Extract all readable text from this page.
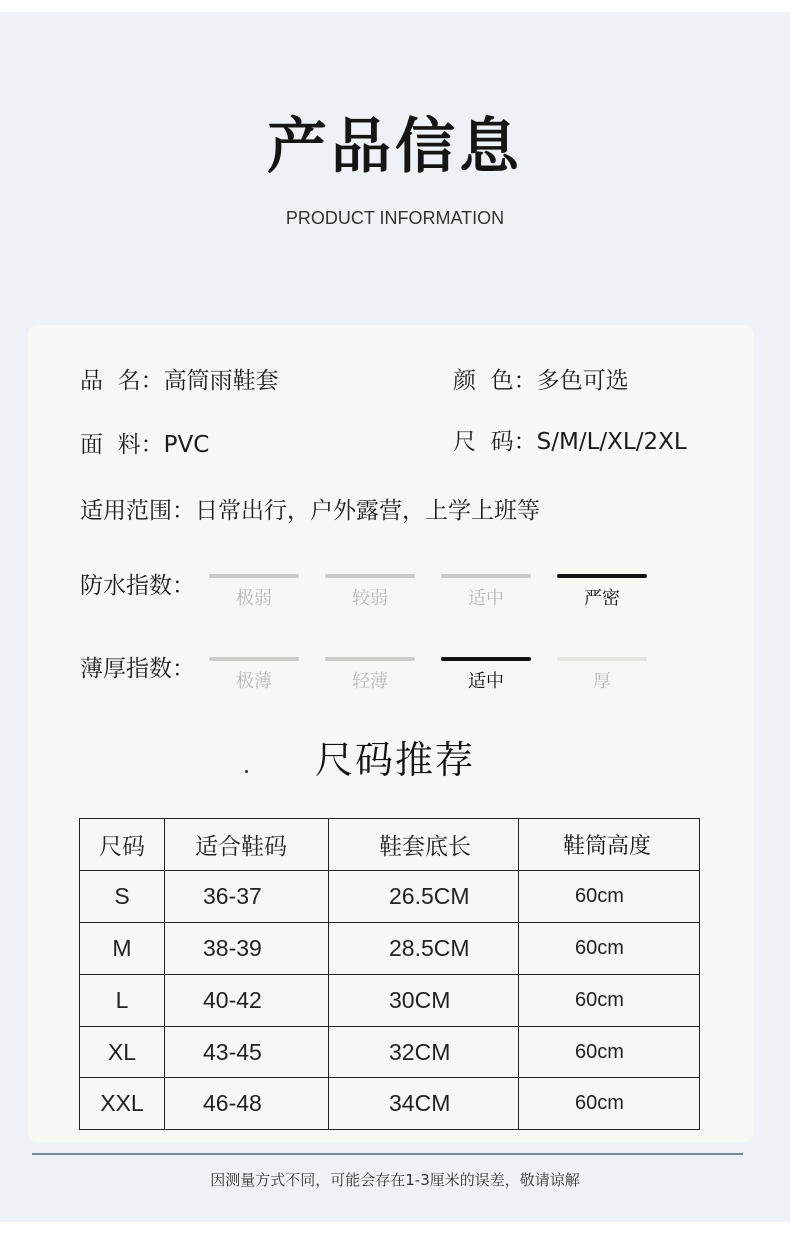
产品信息
PRODUCT INFORMATION
品  名：高筒雨鞋套	颜  色：多色可选
面  料：PVC	尺  码：S/M/L/XL/2XL
适用范围：日常出行，户外露营，上学上班等
防水指数：	极弱	较弱	适中	严密
薄厚指数：	极薄	轻薄	适中	厚
尺码推荐
尺码	适合鞋码	鞋套底长	鞋筒高度
S	36-37	26.5CM	60cm
M	38-39	28.5CM	60cm
L	40-42	30CM	60cm
XL	43-45	32CM	60cm
XXL	46-48	34CM	60cm
因测量方式不同，可能会存在1-3厘米的误差，敬请谅解
